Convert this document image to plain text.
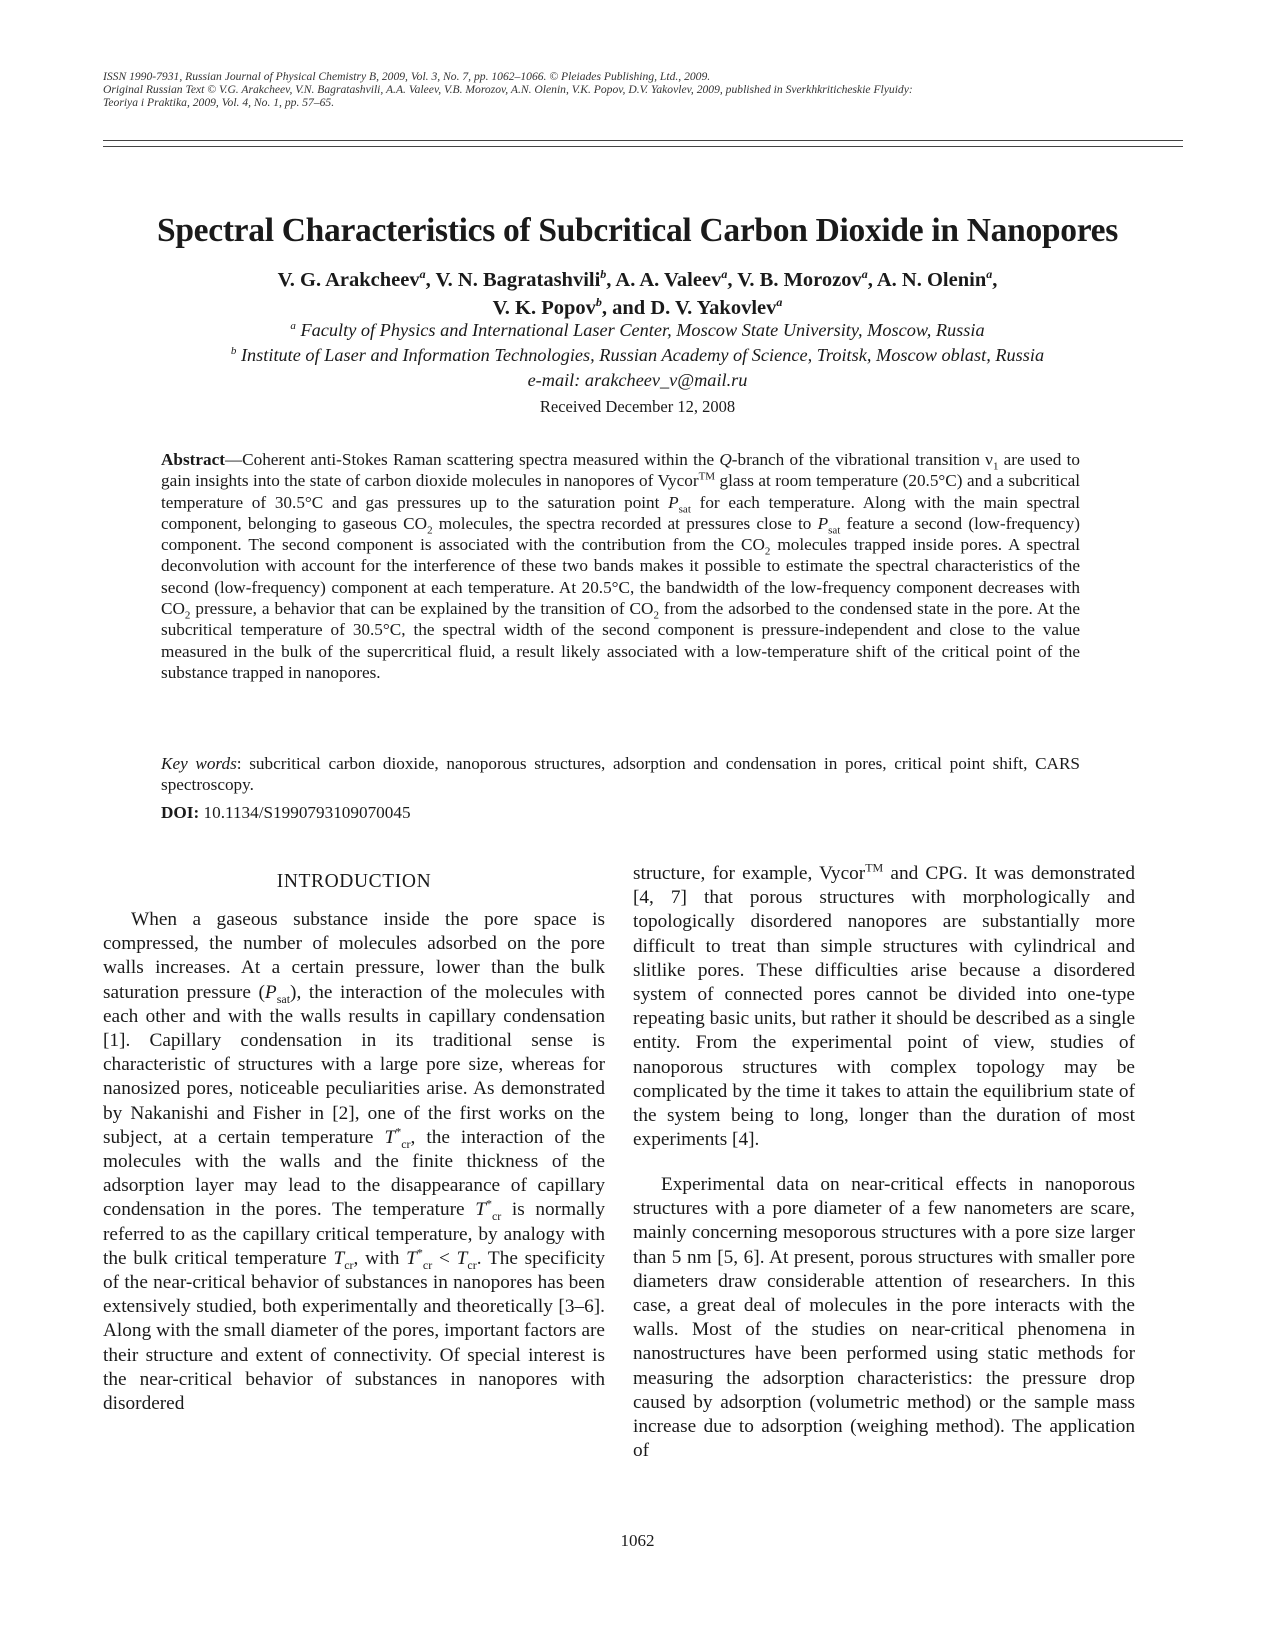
ISSN 1990-7931, Russian Journal of Physical Chemistry B, 2009, Vol. 3, No. 7, pp. 1062–1066. © Pleiades Publishing, Ltd., 2009.
Original Russian Text © V.G. Arakcheev, V.N. Bagratashvili, A.A. Valeev, V.B. Morozov, A.N. Olenin, V.K. Popov, D.V. Yakovlev, 2009, published in Sverkhkriticheskie Flyuidy:
Teoriya i Praktika, 2009, Vol. 4, No. 1, pp. 57–65.
Spectral Characteristics of Subcritical Carbon Dioxide in Nanopores
V. G. Arakcheev$^a$, V. N. Bagratashvili$^b$, A. A. Valeev$^a$, V. B. Morozov$^a$, A. N. Olenin$^a$,
V. K. Popov$^b$, and D. V. Yakovlev$^a$
$^a$ Faculty of Physics and International Laser Center, Moscow State University, Moscow, Russia
$^b$ Institute of Laser and Information Technologies, Russian Academy of Science, Troitsk, Moscow oblast, Russia
e-mail: arakcheev_v@mail.ru
Received December 12, 2008
Abstract—Coherent anti-Stokes Raman scattering spectra measured within the Q-branch of the vibrational transition $\nu_1$ are used to gain insights into the state of carbon dioxide molecules in nanopores of Vycor™ glass at room temperature (20.5°C) and a subcritical temperature of 30.5°C and gas pressures up to the saturation point $P_{sat}$ for each temperature. Along with the main spectral component, belonging to gaseous $CO_2$ molecules, the spectra recorded at pressures close to $P_{sat}$ feature a second (low-frequency) component. The second component is associated with the contribution from the $CO_2$ molecules trapped inside pores. A spectral deconvolution with account for the interference of these two bands makes it possible to estimate the spectral characteristics of the second (low-frequency) component at each temperature. At 20.5°C, the bandwidth of the low-frequency component decreases with $CO_2$ pressure, a behavior that can be explained by the transition of $CO_2$ from the adsorbed to the condensed state in the pore. At the subcritical temperature of 30.5°C, the spectral width of the second component is pressure-independent and close to the value measured in the bulk of the supercritical fluid, a result likely associated with a low-temperature shift of the critical point of the substance trapped in nanopores.
Key words: subcritical carbon dioxide, nanoporous structures, adsorption and condensation in pores, critical point shift, CARS spectroscopy.
DOI: 10.1134/S1990793109070045
INTRODUCTION
When a gaseous substance inside the pore space is compressed, the number of molecules adsorbed on the pore walls increases. At a certain pressure, lower than the bulk saturation pressure $(P_{sat})$, the interaction of the molecules with each other and with the walls results in capillary condensation [1]. Capillary condensation in its traditional sense is characteristic of structures with a large pore size, whereas for nanosized pores, noticeable peculiarities arise. As demonstrated by Nakanishi and Fisher in [2], one of the first works on the subject, at a certain temperature $T^*_{cr}$, the interaction of the molecules with the walls and the finite thickness of the adsorption layer may lead to the disappearance of capillary condensation in the pores. The temperature $T^*_{cr}$ is normally referred to as the capillary critical temperature, by analogy with the bulk critical temperature $T_{cr}$, with $T^*_{cr} < T_{cr}$. The specificity of the near-critical behavior of substances in nanopores has been extensively studied, both experimentally and theoretically [3–6]. Along with the small diameter of the pores, important factors are their structure and extent of connectivity. Of special interest is the near-critical behavior of substances in nanopores with disordered
structure, for example, Vycor™ and CPG. It was demonstrated [4, 7] that porous structures with morphologically and topologically disordered nanopores are substantially more difficult to treat than simple structures with cylindrical and slitlike pores. These difficulties arise because a disordered system of connected pores cannot be divided into one-type repeating basic units, but rather it should be described as a single entity. From the experimental point of view, studies of nanoporous structures with complex topology may be complicated by the time it takes to attain the equilibrium state of the system being to long, longer than the duration of most experiments [4].
Experimental data on near-critical effects in nanoporous structures with a pore diameter of a few nanometers are scare, mainly concerning mesoporous structures with a pore size larger than 5 nm [5, 6]. At present, porous structures with smaller pore diameters draw considerable attention of researchers. In this case, a great deal of molecules in the pore interacts with the walls. Most of the studies on near-critical phenomena in nanostructures have been performed using static methods for measuring the adsorption characteristics: the pressure drop caused by adsorption (volumetric method) or the sample mass increase due to adsorption (weighing method). The application of
1062
